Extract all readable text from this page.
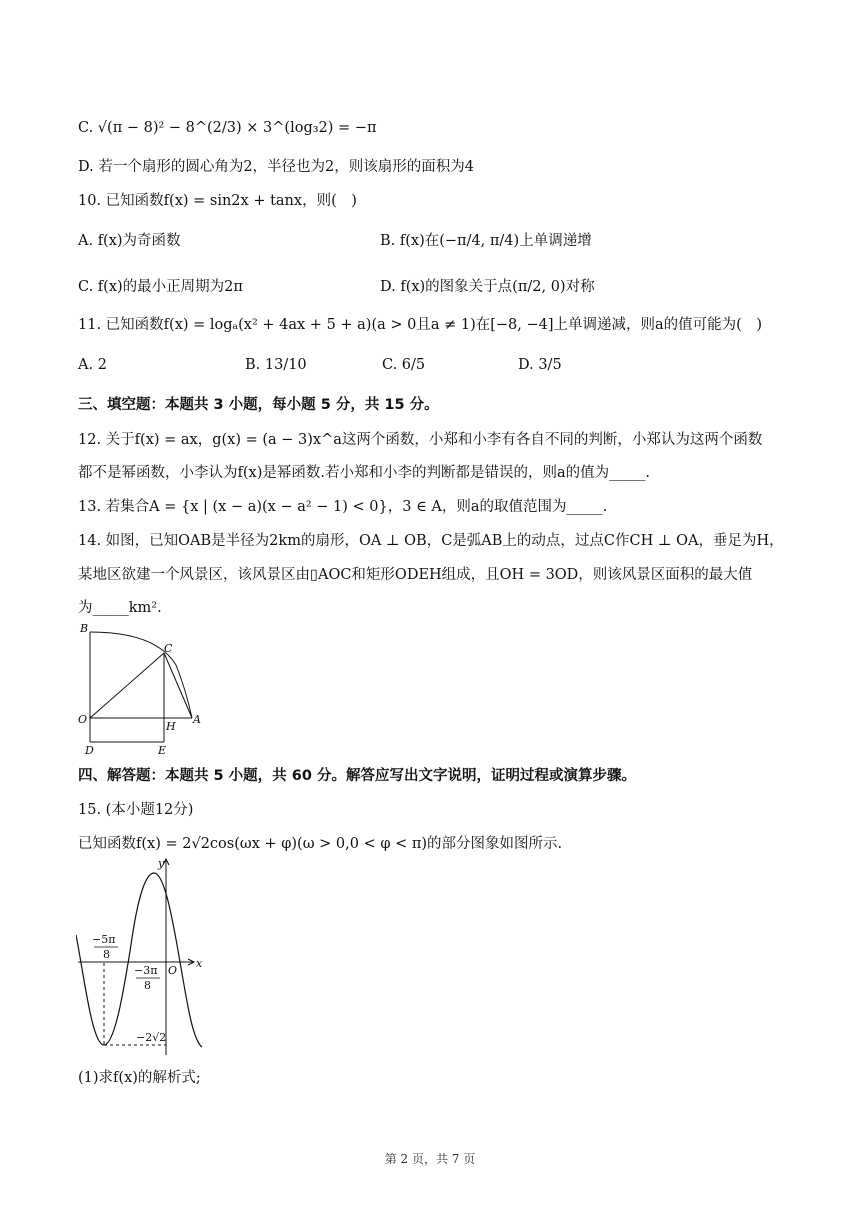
C. √(π − 8)² − 8^(2/3) × 3^(log₃2) = −π
D. 若一个扇形的圆心角为2，半径也为2，则该扇形的面积为4
10. 已知函数f(x) = sin2x + tanx，则(　)
A. f(x)为奇函数	B. f(x)在(−π/4, π/4)上单调递增
C. f(x)的最小正周期为2π	D. f(x)的图象关于点(π/2, 0)对称
11. 已知函数f(x) = logₐ(x² + 4ax + 5 + a)(a > 0且a ≠ 1)在[−8, −4]上单调递减，则a的值可能为(　)
A. 2	B. 13/10	C. 6/5	D. 3/5
三、填空题：本题共 3 小题，每小题 5 分，共 15 分。
12. 关于f(x) = ax，g(x) = (a − 3)x^a这两个函数，小郑和小李有各自不同的判断，小郑认为这两个函数
都不是幂函数，小李认为f(x)是幂函数.若小郑和小李的判断都是错误的，则a的值为_____.
13. 若集合A = {x | (x − a)(x − a² − 1) < 0}，3 ∈ A，则a的取值范围为_____.
14. 如图，已知OAB是半径为2km的扇形，OA ⊥ OB，C是弧AB上的动点，过点C作CH ⊥ OA，垂足为H，
某地区欲建一个风景区，该风景区由▯AOC和矩形ODEH组成，且OH = 3OD，则该风景区面积的最大值
为_____km².
B
C
O
H
A
D	E
四、解答题：本题共 5 小题，共 60 分。解答应写出文字说明，证明过程或演算步骤。
15. (本小题12分)
已知函数f(x) = 2√2cos(ωx + φ)(ω > 0,0 < φ < π)的部分图象如图所示.
y
x
O
−5π
8
−3π
8
−2√2
(1)求f(x)的解析式;
第 2 页，共 7 页
